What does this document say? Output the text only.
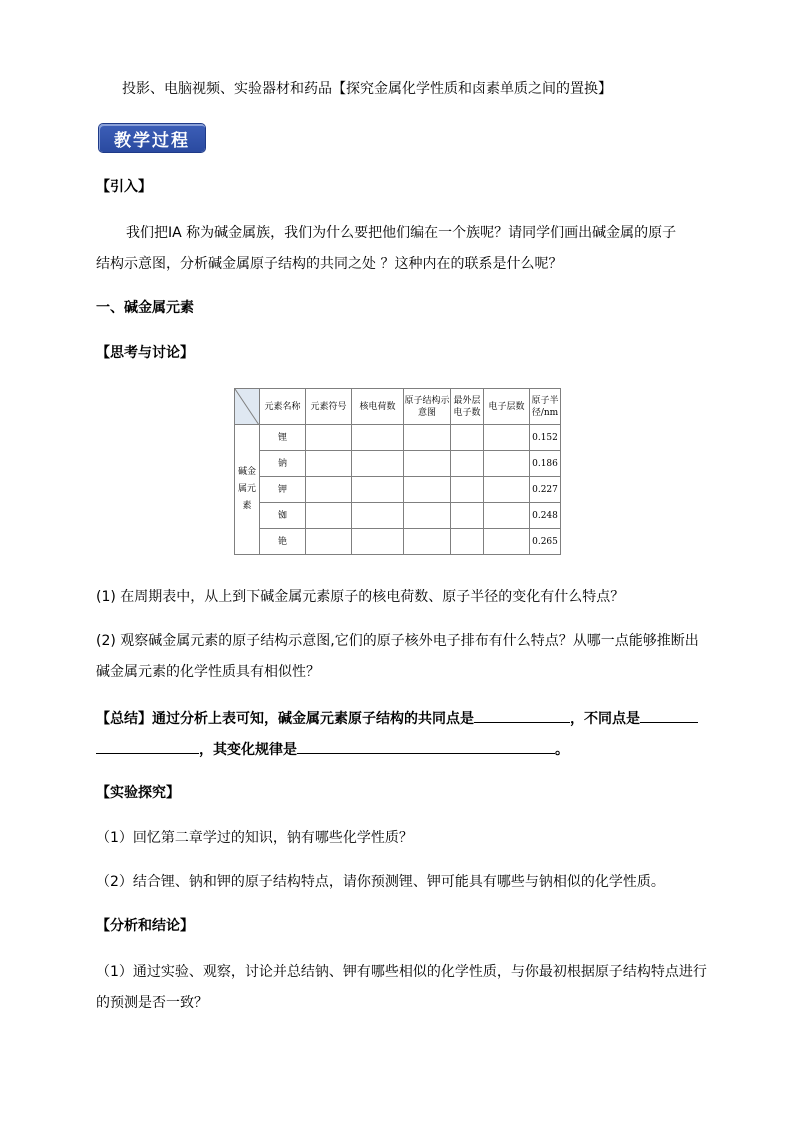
投影、电脑视频、实验器材和药品【探究金属化学性质和卤素单质之间的置换】
教学过程
【引入】
我们把ⅠA 称为碱金属族，我们为什么要把他们编在一个族呢？请同学们画出碱金属的原子
结构示意图，分析碱金属原子结构的共同之处 ？这种内在的联系是什么呢？
一、碱金属元素
【思考与讨论】
	元素名称	元素符号	核电荷数	原子结构示意图	最外层电子数	电子层数	原子半径/nm
碱金属元素	锂						0.152
	钠						0.186
	钾						0.227
	铷						0.248
	铯						0.265
(1) 在周期表中，从上到下碱金属元素原子的核电荷数、原子半径的变化有什么特点？
(2) 观察碱金属元素的原子结构示意图,它们的原子核外电子排布有什么特点？从哪一点能够推断出
碱金属元素的化学性质具有相似性？
【总结】通过分析上表可知，碱金属元素原子结构的共同点是	，不同点是
，其变化规律是	。
【实验探究】
（1）回忆第二章学过的知识，钠有哪些化学性质？
（2）结合锂、钠和钾的原子结构特点，请你预测锂、钾可能具有哪些与钠相似的化学性质。
【分析和结论】
（1）通过实验、观察，讨论并总结钠、钾有哪些相似的化学性质，与你最初根据原子结构特点进行
的预测是否一致？
